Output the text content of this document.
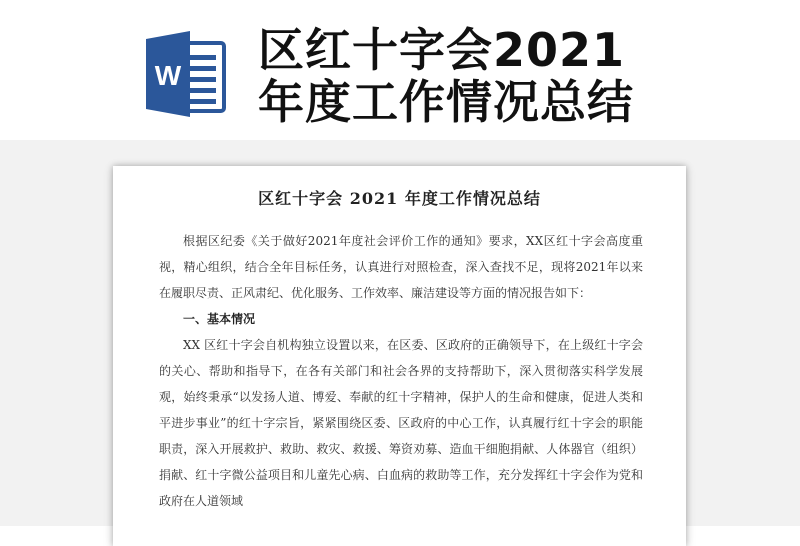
W 区红十字会2021
年度工作情况总结
区红十字会 2021 年度工作情况总结

根据区纪委《关于做好2021年度社会评价工作的通知》要求，XX区红十字会高度重视，精心组织，结合全年目标任务，认真进行对照检查，深入查找不足，现将2021年以来在履职尽责、正风肃纪、优化服务、工作效率、廉洁建设等方面的情况报告如下：

一、基本情况

XX 区红十字会自机构独立设置以来，在区委、区政府的正确领导下，在上级红十字会的关心、帮助和指导下，在各有关部门和社会各界的支持帮助下，深入贯彻落实科学发展观，始终秉承“以发扬人道、博爱、奉献的红十字精神，保护人的生命和健康，促进人类和平进步事业”的红十字宗旨，紧紧围绕区委、区政府的中心工作，认真履行红十字会的职能职责，深入开展救护、救助、救灾、救援、筹资劝募、造血干细胞捐献、人体器官（组织）捐献、红十字微公益项目和儿童先心病、白血病的救助等工作，充分发挥红十字会作为党和政府在人道领域
